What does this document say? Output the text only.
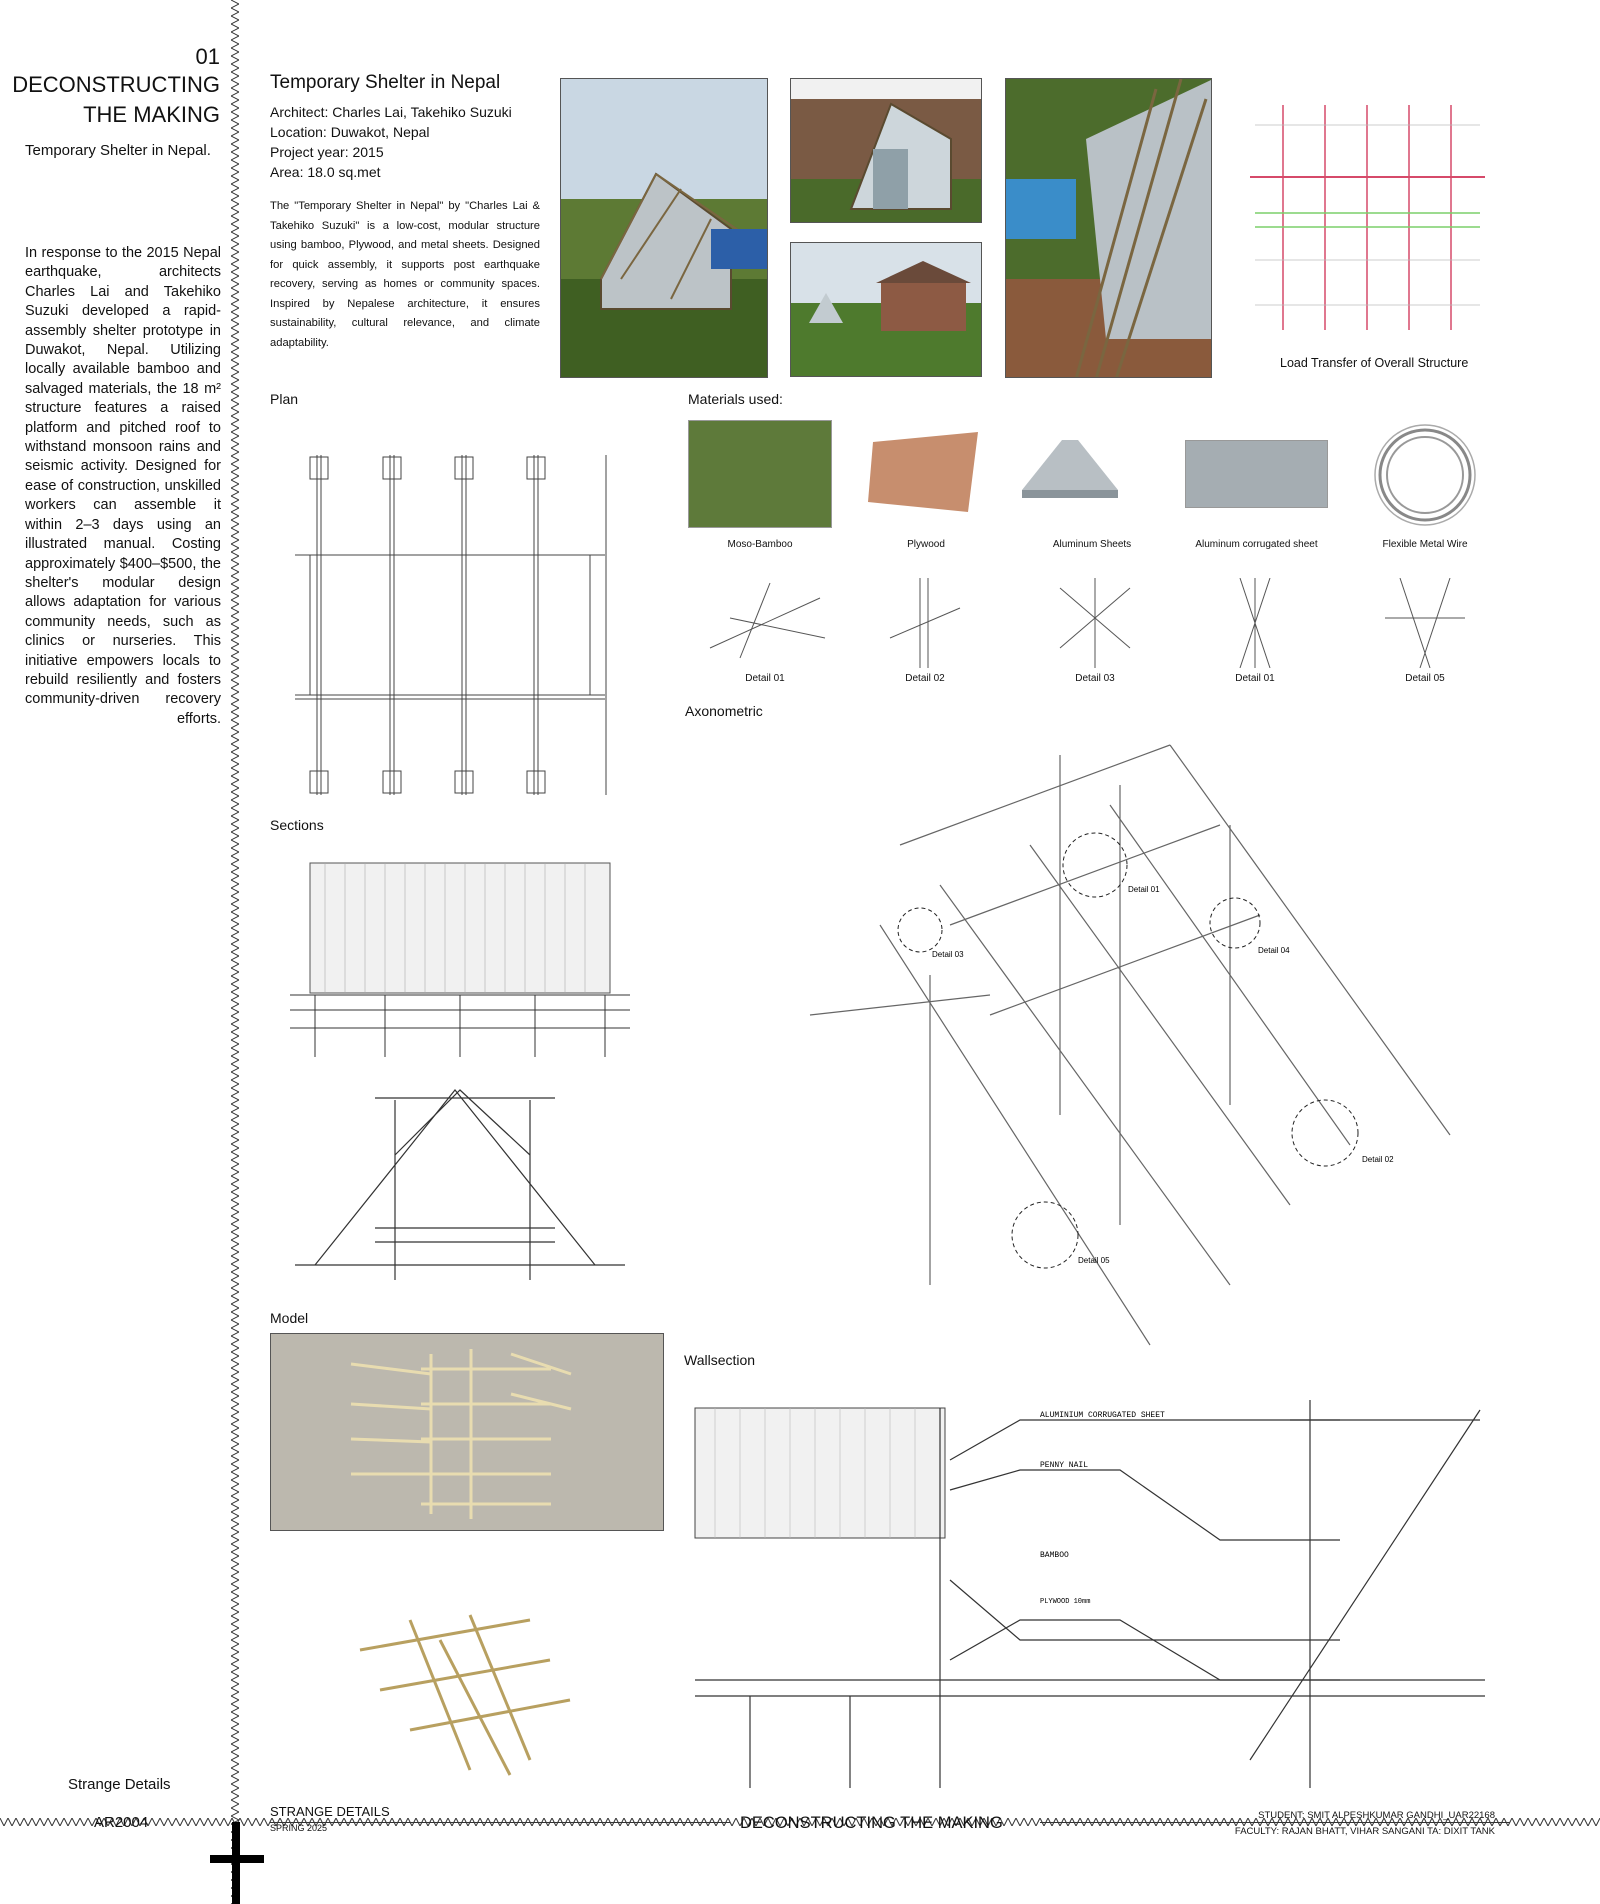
01
DECONSTRUCTING
THE MAKING
Temporary Shelter in Nepal.
In response to the 2015 Nepal earthquake, architects Charles Lai and Takehiko Suzuki developed a rapid-assembly shelter prototype in Duwakot, Nepal. Utilizing locally available bamboo and salvaged materials, the 18 m² structure features a raised platform and pitched roof to withstand monsoon rains and seismic activity. Designed for ease of construction, unskilled workers can assemble it within 2–3 days using an illustrated manual. Costing approximately $400–$500, the shelter's modular design allows adaptation for various community needs, such as clinics or nurseries. This initiative empowers locals to rebuild resiliently and fosters community-driven recovery efforts.
Strange Details
AR2004
Temporary Shelter in Nepal
Architect: Charles Lai, Takehiko Suzuki
Location: Duwakot, Nepal
Project year: 2015
Area: 18.0 sq.met
The "Temporary Shelter in Nepal" by "Charles Lai & Takehiko Suzuki" is a low-cost, modular structure using bamboo, Plywood, and metal sheets. Designed for quick assembly, it supports post earthquake recovery, serving as homes or community spaces. Inspired by Nepalese architecture, it ensures sustainability, cultural relevance, and climate adaptability.
Load Transfer of Overall Structure
Plan	Materials used:
Axonometric
Sections
Model
Wallsection
Moso-Bamboo	Plywood	Aluminum Sheets	Aluminum corrugated sheet	Flexible Metal Wire
Detail 01	Detail 02	Detail 03	Detail 01	Detail 05
Detail 01
Detail 03	Detail 04
Detail 02
Detail 05
ALUMINIUM CORRUGATED SHEET
PENNY NAIL
BAMBOO
PLYWOOD 10mm
STRANGE DETAILS
SPRING 2025	DECONSTRUCTING THE MAKING	STUDENT: SMIT ALPESHKUMAR GANDHI_UAR22168
FACULTY: RAJAN BHATT, VIHAR SANGANI TA: DIXIT TANK
